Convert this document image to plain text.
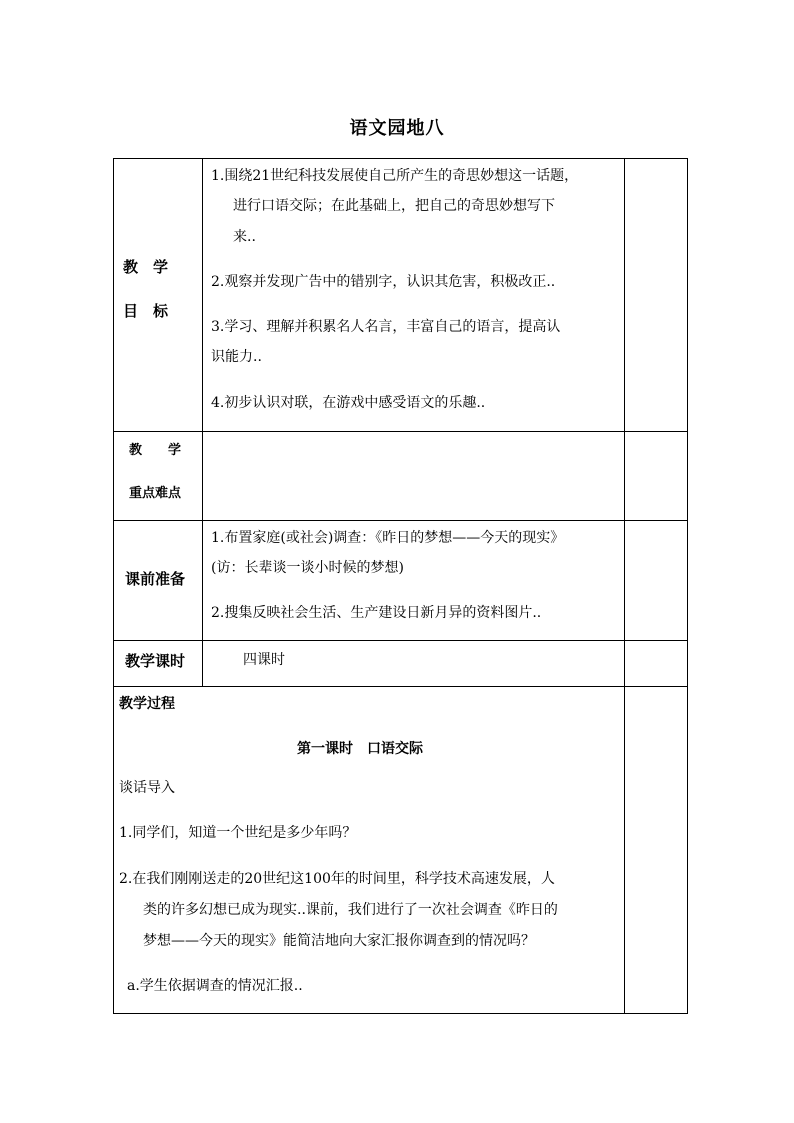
语文园地八
教　学
目　标
1.围绕21世纪科技发展使自己所产生的奇思妙想这一话题，
进行口语交际；在此基础上，把自己的奇思妙想写下
来..
2.观察并发现广告中的错别字，认识其危害，积极改正..
3.学习、理解并积累名人名言，丰富自己的语言，提高认
识能力..
4.初步认识对联，在游戏中感受语文的乐趣..
教　　学
重点难点
课前准备
1.布置家庭(或社会)调查：《昨日的梦想——今天的现实》
(访：长辈谈一谈小时候的梦想)
2.搜集反映社会生活、生产建设日新月异的资料图片..
教学课时	四课时
教学过程
第一课时　口语交际
谈话导入
1.同学们，知道一个世纪是多少年吗？
2.在我们刚刚送走的20世纪这100年的时间里，科学技术高速发展，人
类的许多幻想已成为现实..课前，我们进行了一次社会调查《昨日的
梦想——今天的现实》能简洁地向大家汇报你调查到的情况吗？
a.学生依据调查的情况汇报..
